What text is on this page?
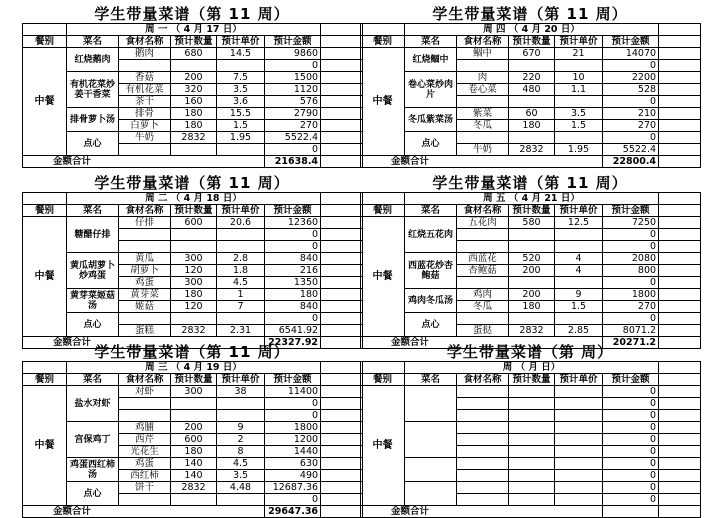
学生带量菜谱（第 11 周）
	周 一 （ 4 月 17 日）					
餐别	菜名	食材名称	预计数量	预计单价	预计金额	
中餐	红烧鹅肉	鹅肉	680	14.5	9860	
					0	
	有机花菜炒姜干香菜	香菇	200	7.5	1500	
		有机花菜	320	3.5	1120	
		茶干	160	3.6	576	
	排骨萝卜汤	排骨	180	15.5	2790	
		白萝卜	180	1.5	270	
	点心	牛奶	2832	1.95	5522.4	
					0	
金额合计					21638.4	
学生带量菜谱（第 11 周）
	周 四 （ 4 月 20 日）					
餐别	菜名	食材名称	预计数量	预计单价	预计金额	
中餐	红烧鲴中	鲴中	670	21	14070	
					0	
	卷心菜炒肉片	肉	220	10	2200	
		卷心菜	480	1.1	528	
					0	
	冬瓜紫菜汤	紫菜	60	3.5	210	
		冬瓜	180	1.5	270	
	点心				0	
		牛奶	2832	1.95	5522.4	
金额合计					22800.4	
学生带量菜谱（第 11 周）
	周 二 （ 4 月 18 日）					
餐别	菜名	食材名称	预计数量	预计单价	预计金额	
中餐	糖醋仔排	仔排	600	20.6	12360	
					0	
					0	
	黄瓜胡萝卜炒鸡蛋	黄瓜	300	2.8	840	
		胡萝卜	120	1.8	216	
		鸡蛋	300	4.5	1350	
	黄芽菜姬菇汤	黄芽菜	180	1	180	
		姬菇	120	7	840	
	点心				0	
		蛋糕	2832	2.31	6541.92	
金额合计					22327.92	
学生带量菜谱（第 11 周）
	周 五 （ 4 月 21 日）					
餐别	菜名	食材名称	预计数量	预计单价	预计金额	
中餐	红烧五花肉	五花肉	580	12.5	7250	
					0	
					0	
	西蓝花炒杏鲍菇	西蓝花	520	4	2080	
		杏鲍菇	200	4	800	
					0	
	鸡肉冬瓜汤	鸡肉	200	9	1800	
		冬瓜	180	1.5	270	
	点心				0	
		蛋挞	2832	2.85	8071.2	
金额合计					20271.2	
学生带量菜谱（第 11 周）
	周 三 （ 4 月 19 日）					
餐别	菜名	食材名称	预计数量	预计单价	预计金额	
中餐	盐水对虾	对虾	300	38	11400	
					0	
					0	
	宫保鸡丁	鸡脯	200	9	1800	
		西芹	600	2	1200	
		光花生	180	8	1440	
	鸡蛋西红柿汤	鸡蛋	140	4.5	630	
		西红柿	140	3.5	490	
	点心	饼干	2832	4.48	12687.36	
					0	
金额合计					29647.36	
学生带量菜谱（第 周）
	周 （ 月 日）					
餐别	菜名	食材名称	预计数量	预计单价	预计金额	
中餐					0	
					0	
					0	
					0	
					0	
					0	
					0	
					0	
					0	
					0	
金额合计						
